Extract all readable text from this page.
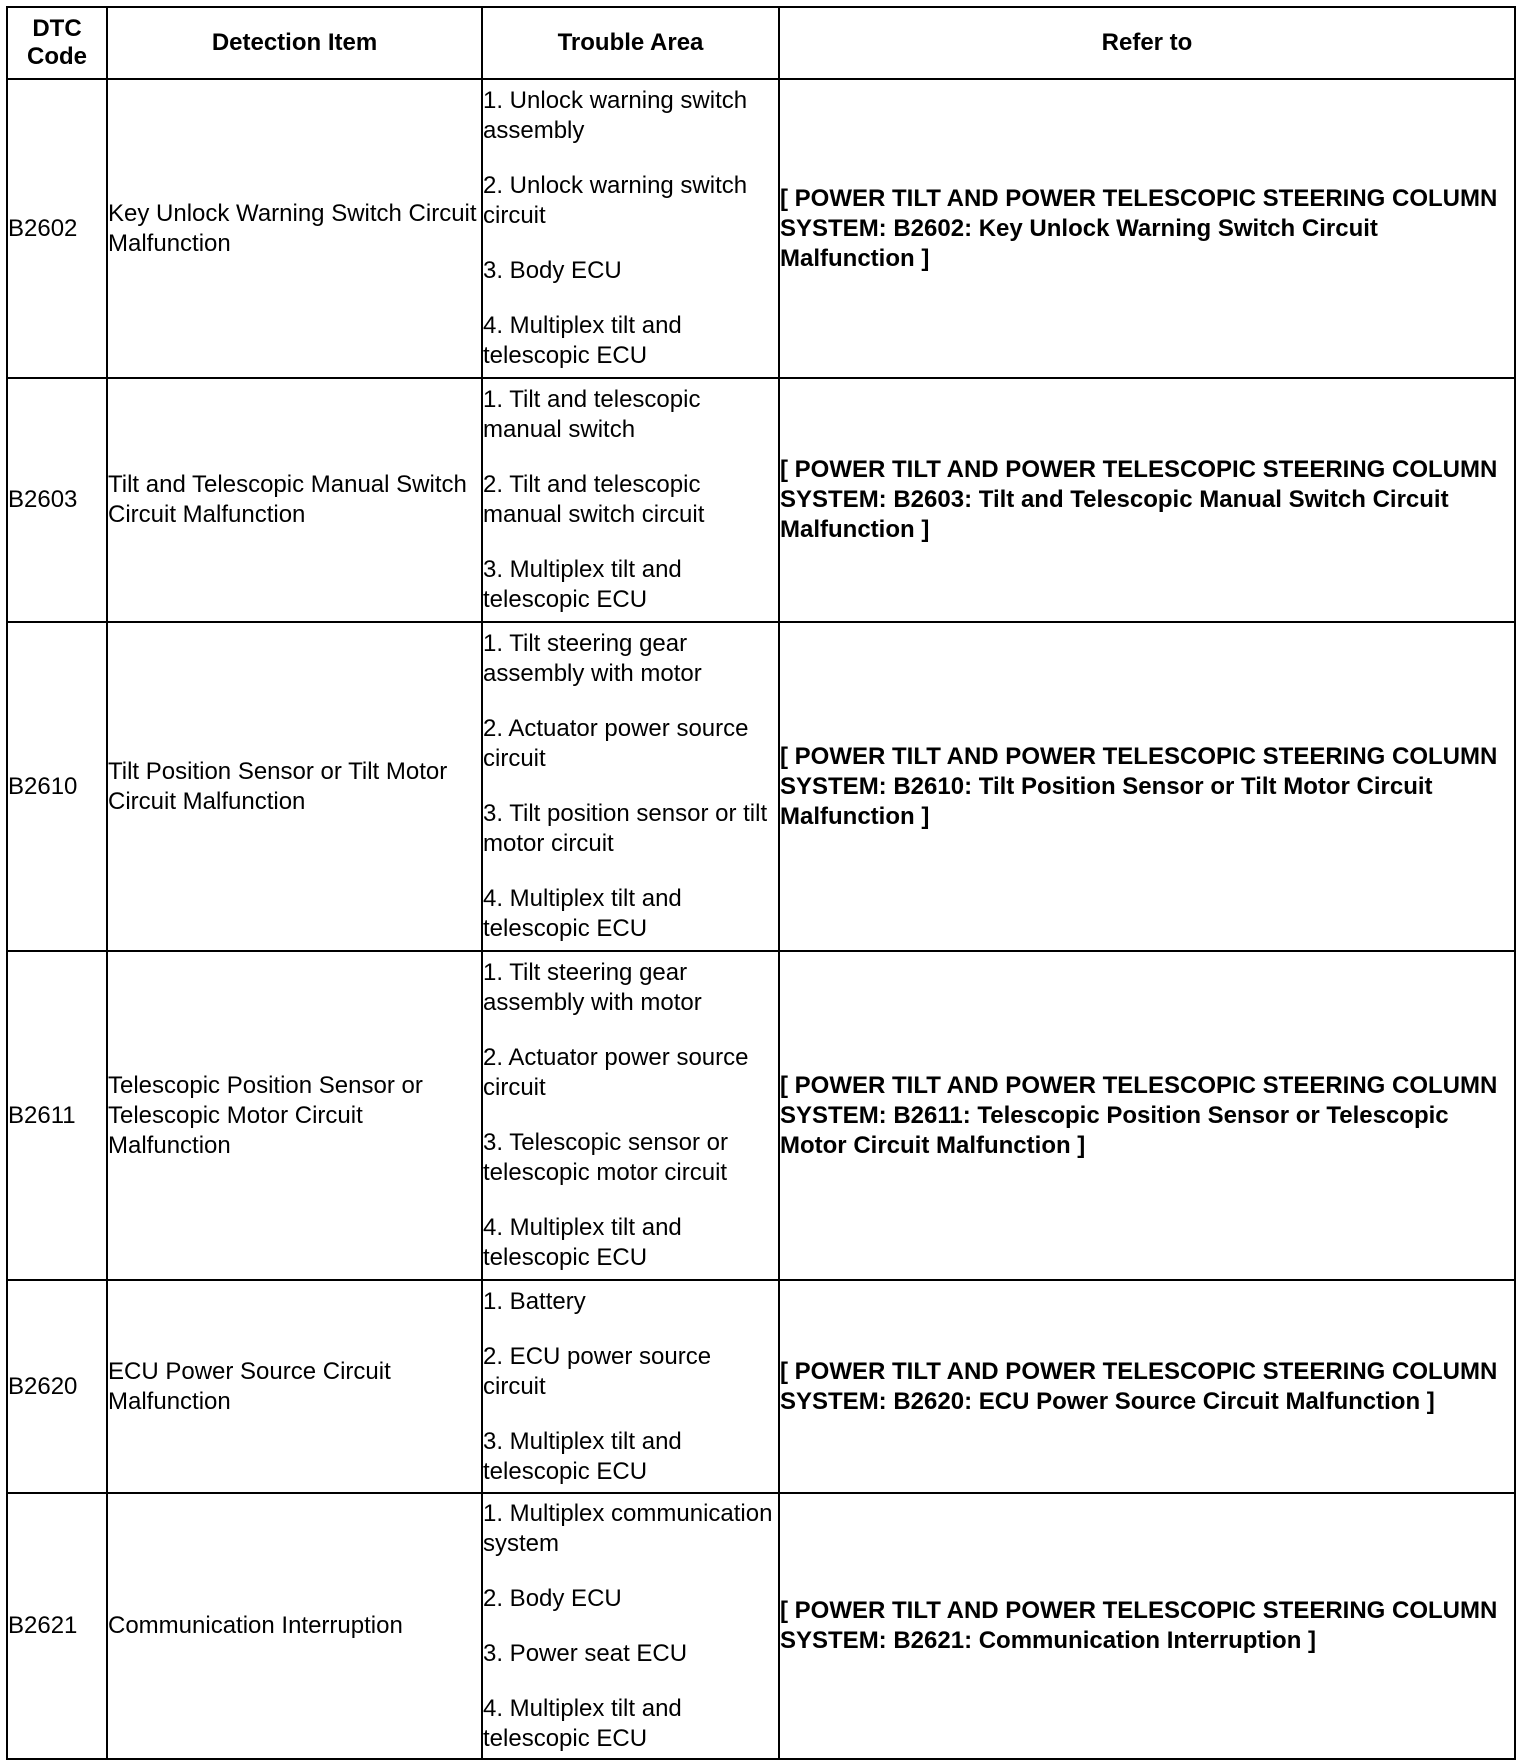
DTC
Code	Detection Item	Trouble Area	Refer to
B2602	Key Unlock Warning Switch Circuit Malfunction	1. Unlock warning switch assembly
2. Unlock warning switch circuit
3. Body ECU
4. Multiplex tilt and telescopic ECU	[ POWER TILT AND POWER TELESCOPIC STEERING COLUMN SYSTEM: B2602: Key Unlock Warning Switch Circuit Malfunction ]
B2603	Tilt and Telescopic Manual Switch Circuit Malfunction	1. Tilt and telescopic manual switch
2. Tilt and telescopic manual switch circuit
3. Multiplex tilt and telescopic ECU	[ POWER TILT AND POWER TELESCOPIC STEERING COLUMN SYSTEM: B2603: Tilt and Telescopic Manual Switch Circuit Malfunction ]
B2610	Tilt Position Sensor or Tilt Motor Circuit Malfunction	1. Tilt steering gear assembly with motor
2. Actuator power source circuit
3. Tilt position sensor or tilt motor circuit
4. Multiplex tilt and telescopic ECU	[ POWER TILT AND POWER TELESCOPIC STEERING COLUMN SYSTEM: B2610: Tilt Position Sensor or Tilt Motor Circuit Malfunction ]
B2611	Telescopic Position Sensor or Telescopic Motor Circuit Malfunction	1. Tilt steering gear assembly with motor
2. Actuator power source circuit
3. Telescopic sensor or telescopic motor circuit
4. Multiplex tilt and telescopic ECU	[ POWER TILT AND POWER TELESCOPIC STEERING COLUMN SYSTEM: B2611: Telescopic Position Sensor or Telescopic Motor Circuit Malfunction ]
B2620	ECU Power Source Circuit Malfunction	1. Battery
2. ECU power source circuit
3. Multiplex tilt and telescopic ECU	[ POWER TILT AND POWER TELESCOPIC STEERING COLUMN SYSTEM: B2620: ECU Power Source Circuit Malfunction ]
B2621	Communication Interruption	1. Multiplex communication system
2. Body ECU
3. Power seat ECU
4. Multiplex tilt and telescopic ECU	[ POWER TILT AND POWER TELESCOPIC STEERING COLUMN SYSTEM: B2621: Communication Interruption ]
